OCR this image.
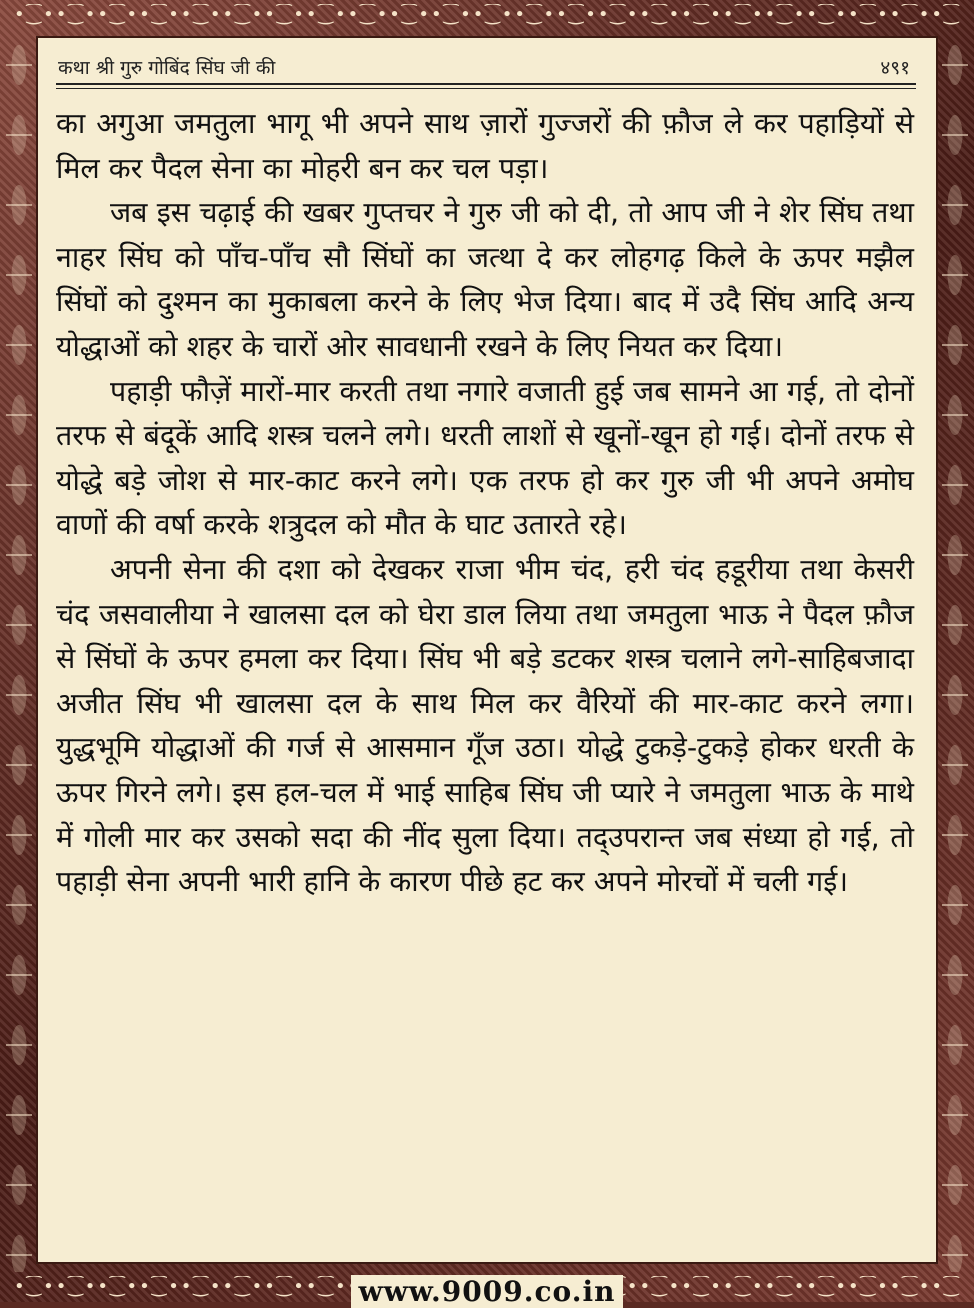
•⁐••⁐••⁐••⁐••⁐••⁐••⁐••⁐••⁐••⁐••⁐••⁐••⁐••⁐••⁐••⁐••⁐••⁐••⁐••⁐••⁐••⁐••⁐
कथा श्री गुरु गोबिंद सिंघ जी की	४९१

का अगुआ जमतुला भागू भी अपने साथ ज़ारों गुज्जरों की फ़ौज ले कर पहाड़ियों से मिल कर पैदल सेना का मोहरी बन कर चल पड़ा।

जब इस चढ़ाई की खबर गुप्तचर ने गुरु जी को दी, तो आप जी ने शेर सिंघ तथा नाहर सिंघ को पाँच-पाँच सौ सिंघों का जत्था दे कर लोहगढ़ किले के ऊपर मझैल सिंघों को दुश्मन का मुकाबला करने के लिए भेज दिया। बाद में उदै सिंघ आदि अन्य योद्धाओं को शहर के चारों ओर सावधानी रखने के लिए नियत कर दिया।

पहाड़ी फौज़ें मारों-मार करती तथा नगारे वजाती हुई जब सामने आ गई, तो दोनों तरफ से बंदूकें आदि शस्त्र चलने लगे। धरती लाशों से खूनों-खून हो गई। दोनों तरफ से योद्धे बड़े जोश से मार-काट करने लगे। एक तरफ हो कर गुरु जी भी अपने अमोघ वाणों की वर्षा करके शत्रुदल को मौत के घाट उतारते रहे।

अपनी सेना की दशा को देखकर राजा भीम चंद, हरी चंद हडूरीया तथा केसरी चंद जसवालीया ने खालसा दल को घेरा डाल लिया तथा जमतुला भाऊ ने पैदल फ़ौज से सिंघों के ऊपर हमला कर दिया। सिंघ भी बड़े डटकर शस्त्र चलाने लगे-साहिबजादा अजीत सिंघ भी खालसा दल के साथ मिल कर वैरियों की मार-काट करने लगा। युद्धभूमि योद्धाओं की गर्ज से आसमान गूँज उठा। योद्धे टुकड़े-टुकड़े होकर धरती के ऊपर गिरने लगे। इस हल-चल में भाई साहिब सिंघ जी प्यारे ने जमतुला भाऊ के माथे में गोली मार कर उसको सदा की नींद सुला दिया। तद्उपरान्त जब संध्या हो गई, तो पहाड़ी सेना अपनी भारी हानि के कारण पीछे हट कर अपने मोरचों में चली गई।

www.9009.co.in
